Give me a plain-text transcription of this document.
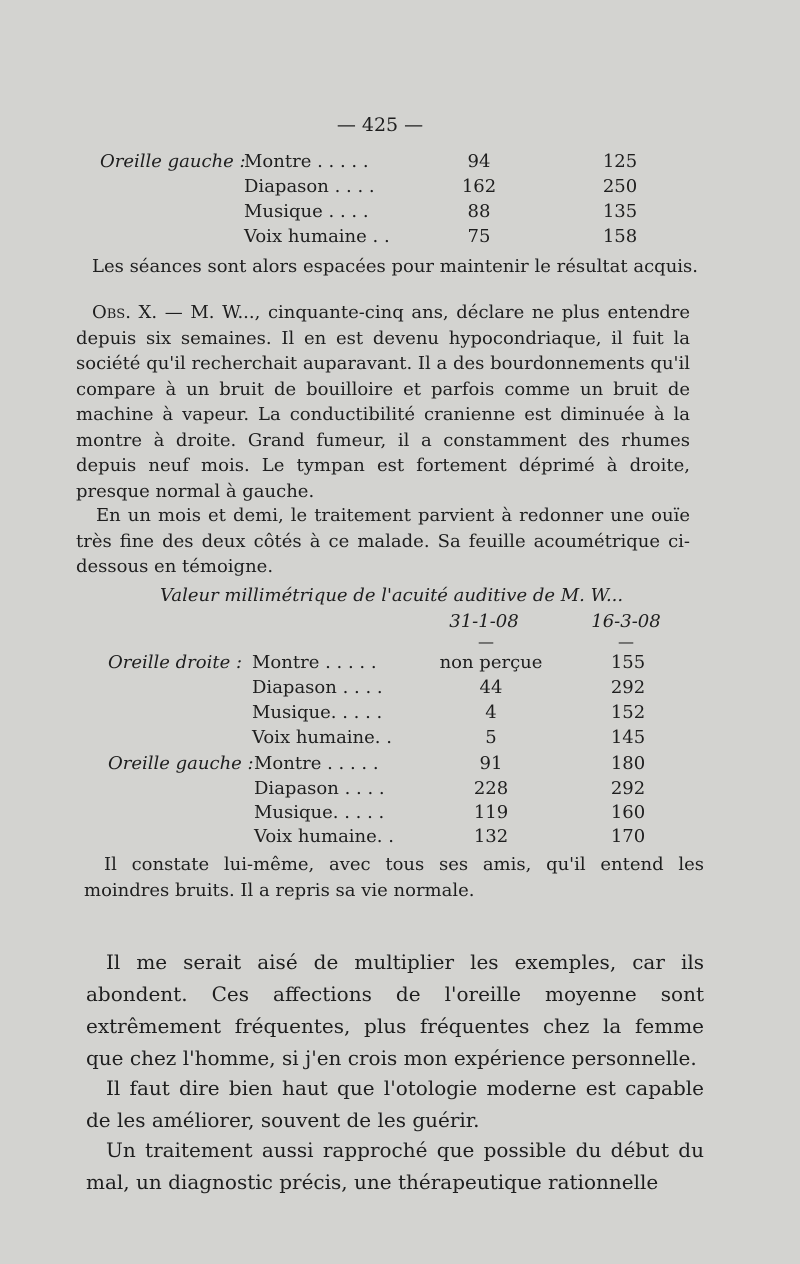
— 425 —
Oreille gauche :
Montre . . . . .	94	125
Diapason . . . .	162	250
Musique . . . .	88	135
Voix humaine . .	75	158
Les séances sont alors espacées pour maintenir le résultat acquis.
Obs. X. — M. W..., cinquante-cinq ans, déclare ne plus entendre depuis six semaines. Il en est devenu hypocondriaque, il fuit la société qu'il recherchait auparavant. Il a des bourdonnements qu'il compare à un bruit de bouilloire et parfois comme un bruit de machine à vapeur. La conductibilité cranienne est diminuée à la montre à droite. Grand fumeur, il a constamment des rhumes depuis neuf mois. Le tympan est fortement déprimé à droite, presque normal à gauche.
En un mois et demi, le traitement parvient à redonner une ouïe très fine des deux côtés à ce malade. Sa feuille acoumétrique ci-dessous en témoigne.
Valeur millimétrique de l'acuité auditive de M. W...
31-1-08	16-3-08
—	—
Oreille droite : Montre . . . . .	non perçue	155
Diapason . . . .	44	292
Musique. . . . .	4	152
Voix humaine. .	5	145
Oreille gauche : Montre . . . . .	91	180
Diapason . . . .	228	292
Musique. . . . .	119	160
Voix humaine. .	132	170
Il constate lui-même, avec tous ses amis, qu'il entend les moindres bruits. Il a repris sa vie normale.
Il me serait aisé de multiplier les exemples, car ils abondent. Ces affections de l'oreille moyenne sont extrêmement fréquentes, plus fréquentes chez la femme que chez l'homme, si j'en crois mon expérience personnelle.
Il faut dire bien haut que l'otologie moderne est capable de les améliorer, souvent de les guérir.
Un traitement aussi rapproché que possible du début du mal, un diagnostic précis, une thérapeutique rationnelle
